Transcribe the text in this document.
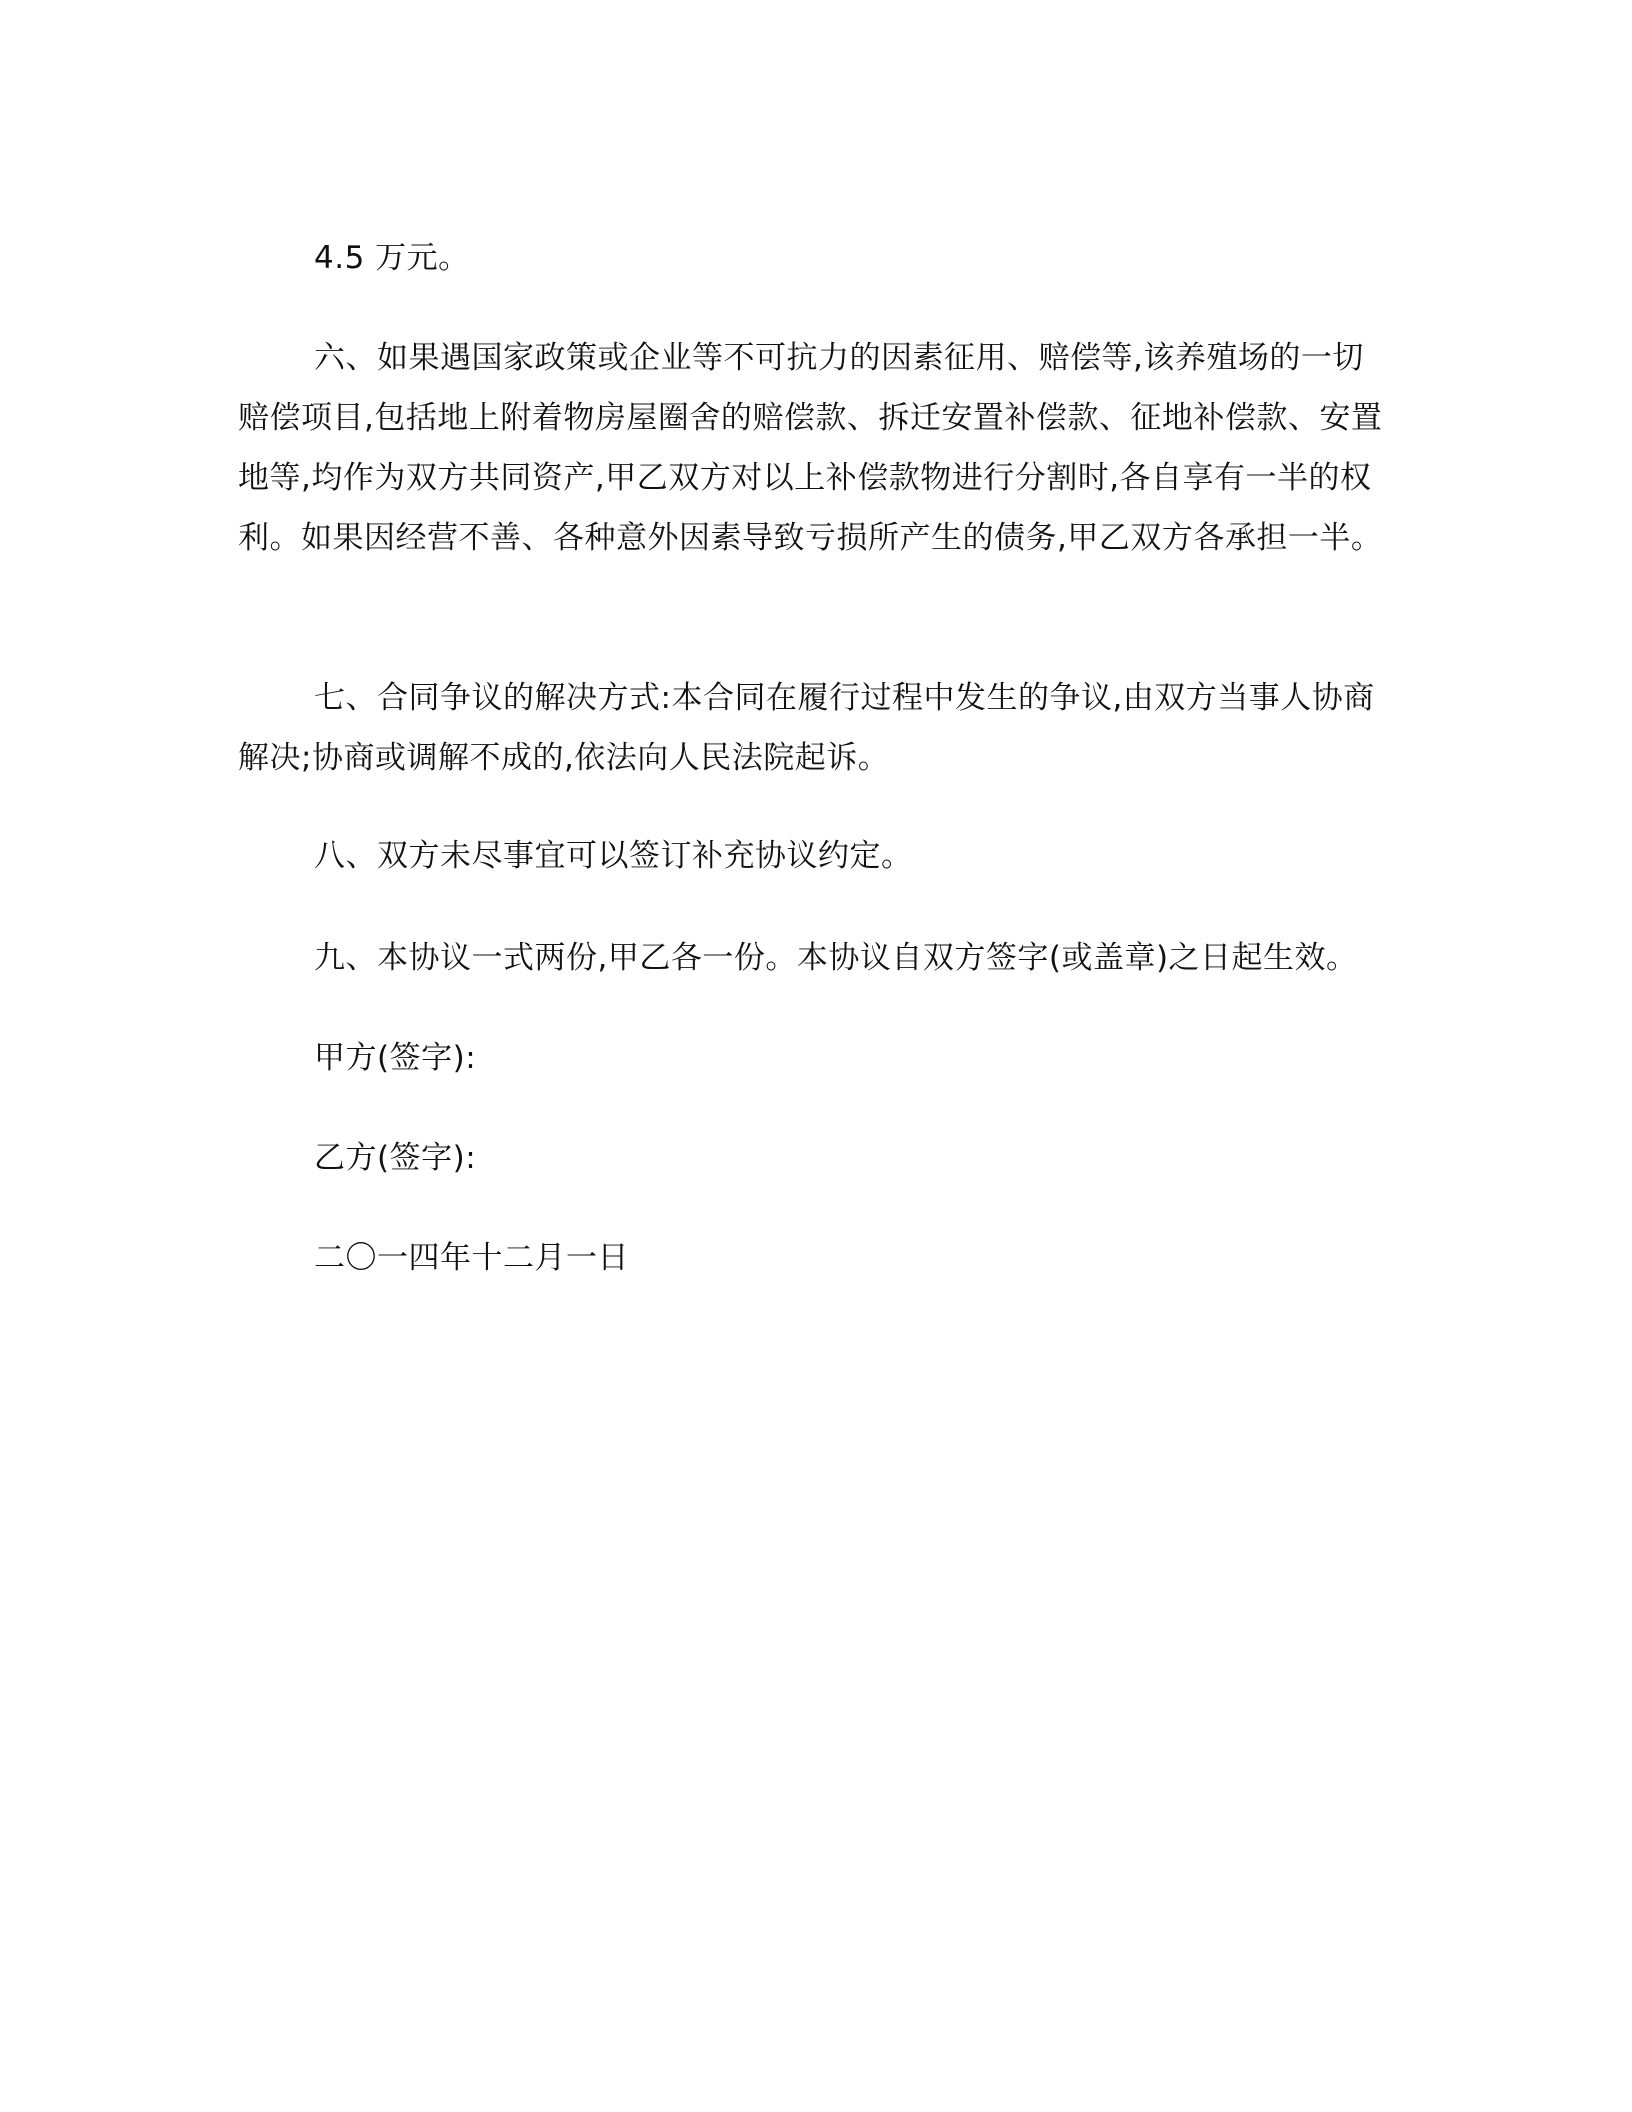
4.5 万元。

六、如果遇国家政策或企业等不可抗力的因素征用、赔偿等,该养殖场的一切赔偿项目,包括地上附着物房屋圈舍的赔偿款、拆迁安置补偿款、征地补偿款、安置地等,均作为双方共同资产,甲乙双方对以上补偿款物进行分割时,各自享有一半的权利。如果因经营不善、各种意外因素导致亏损所产生的债务,甲乙双方各承担一半。

七、合同争议的解决方式:本合同在履行过程中发生的争议,由双方当事人协商解决;协商或调解不成的,依法向人民法院起诉。

八、双方未尽事宜可以签订补充协议约定。

九、本协议一式两份,甲乙各一份。本协议自双方签字(或盖章)之日起生效。

甲方(签字):

乙方(签字):

二〇一四年十二月一日
